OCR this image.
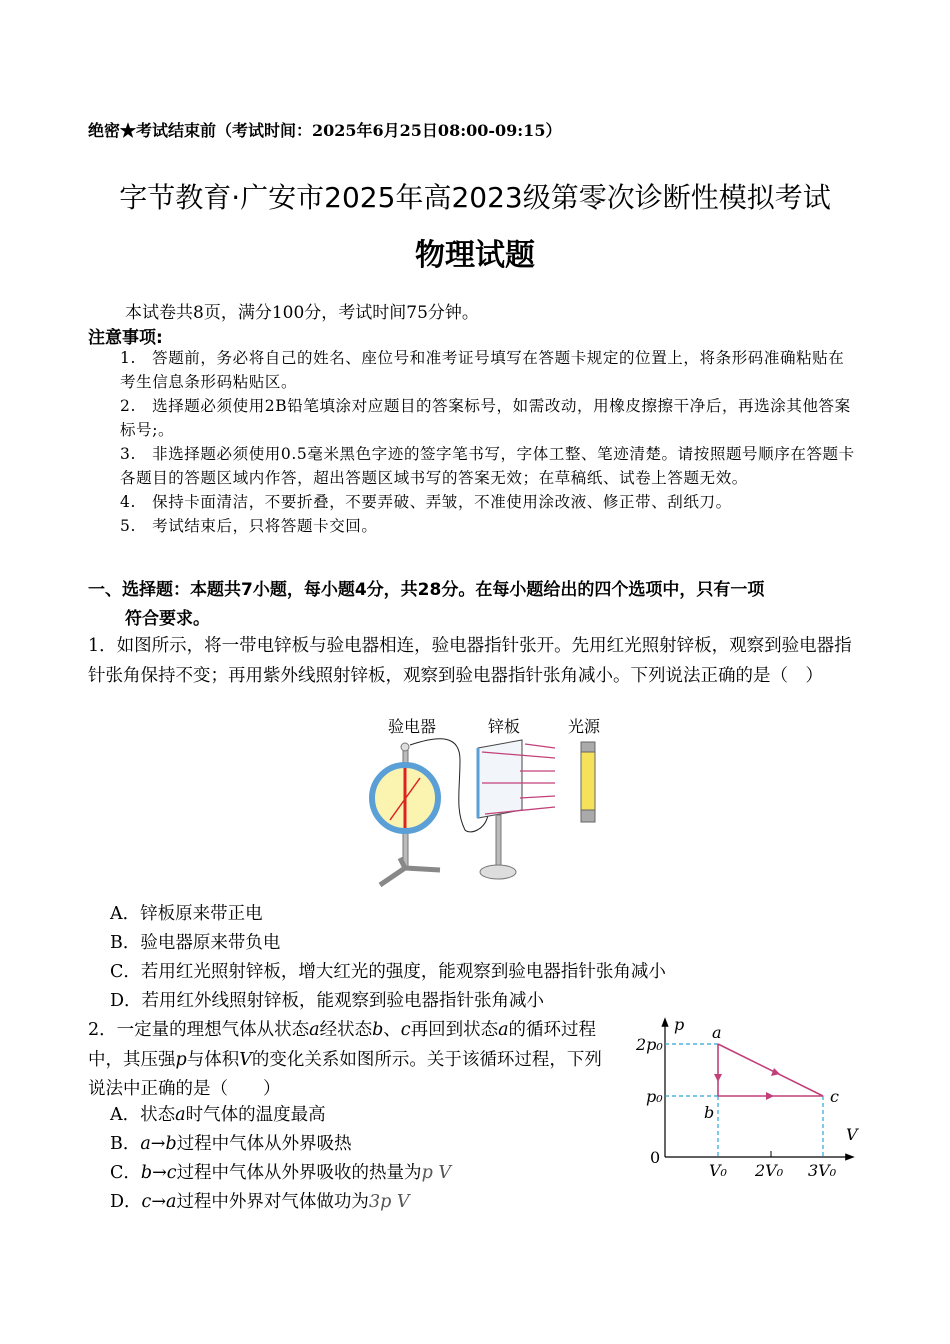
绝密★考试结束前（考试时间：2025年6月25日08:00-09:15）
字节教育·广安市2025年高2023级第零次诊断性模拟考试
物理试题
本试卷共8页，满分100分，考试时间75分钟。
注意事项:

1.　答题前，务必将自己的姓名、座位号和准考证号填写在答题卡规定的位置上，将条形码准确粘贴在考生信息条形码粘贴区。

2.　选择题必须使用2B铅笔填涂对应题目的答案标号，如需改动，用橡皮擦擦干净后，再选涂其他答案标号;。

3.　非选择题必须使用0.5毫米黑色字迹的签字笔书写，字体工整、笔迹清楚。请按照题号顺序在答题卡各题目的答题区域内作答，超出答题区域书写的答案无效；在草稿纸、试卷上答题无效。

4.　保持卡面清洁，不要折叠，不要弄破、弄皱，不准使用涂改液、修正带、刮纸刀。

5.　考试结束后，只将答题卡交回。

一、选择题：本题共7小题，每小题4分，共28分。在每小题给出的四个选项中，只有一项
符合要求。
1．如图所示，将一带电锌板与验电器相连，验电器指针张开。先用红光照射锌板，观察到验电器指针张角保持不变；再用紫外线照射锌板，观察到验电器指针张角减小。下列说法正确的是（　）
验电器	锌板	光源
A．锌板原来带正电
B．验电器原来带负电
C．若用红光照射锌板，增大红光的强度，能观察到验电器指针张角减小
D．若用红外线照射锌板，能观察到验电器指针张角减小
2．一定量的理想气体从状态a经状态b、c再回到状态a的循环过程中，其压强p与体积V的变化关系如图所示。关于该循环过程，下列说法中正确的是（　　）
A．状态a时气体的温度最高
B．a→b过程中气体从外界吸热
C．b→c过程中气体从外界吸收的热量为p V
D．c→a过程中外界对气体做功为3p V
p
V
a
b
c
2p₀
p₀
V₀ 2V₀ 3V₀
0
